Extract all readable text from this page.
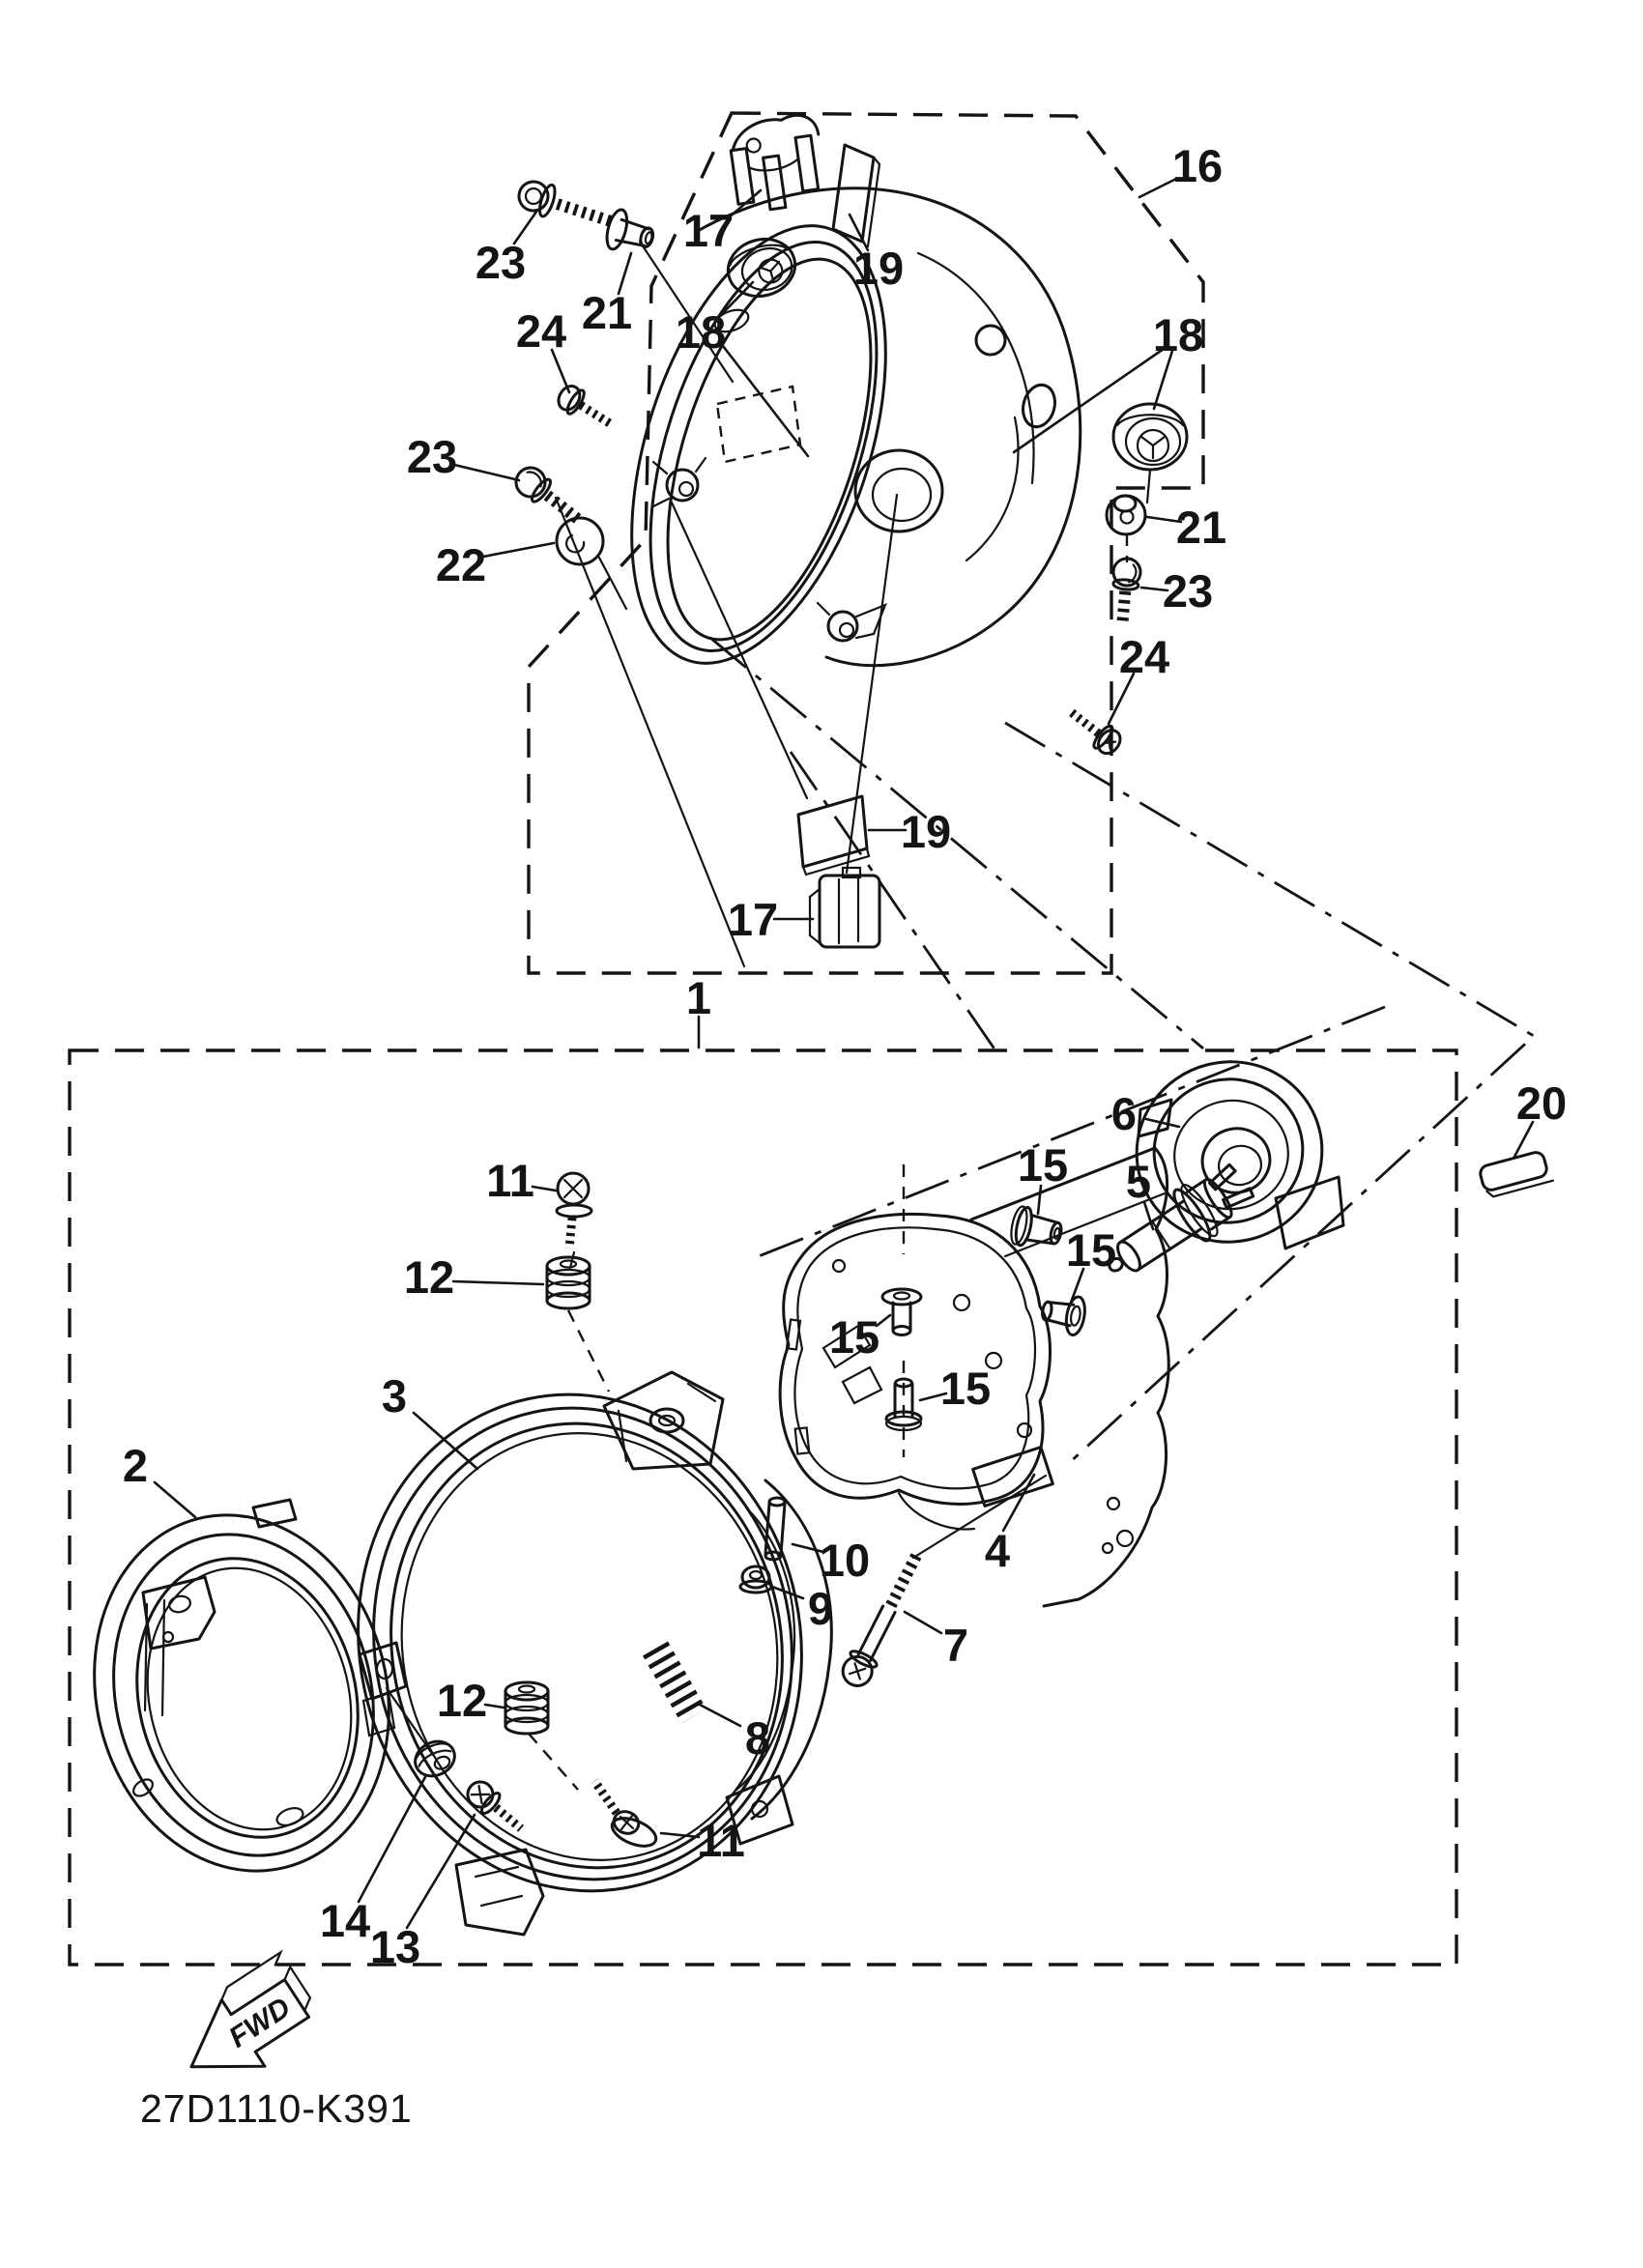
FWD
27D1110-K391
1
2
3
4
5
6
7
8
9
10
11
12
12
11
13
14
15
15
15
15
16
17
17
18	18
19
19
20
21
21
22
23
23
23
24
24
